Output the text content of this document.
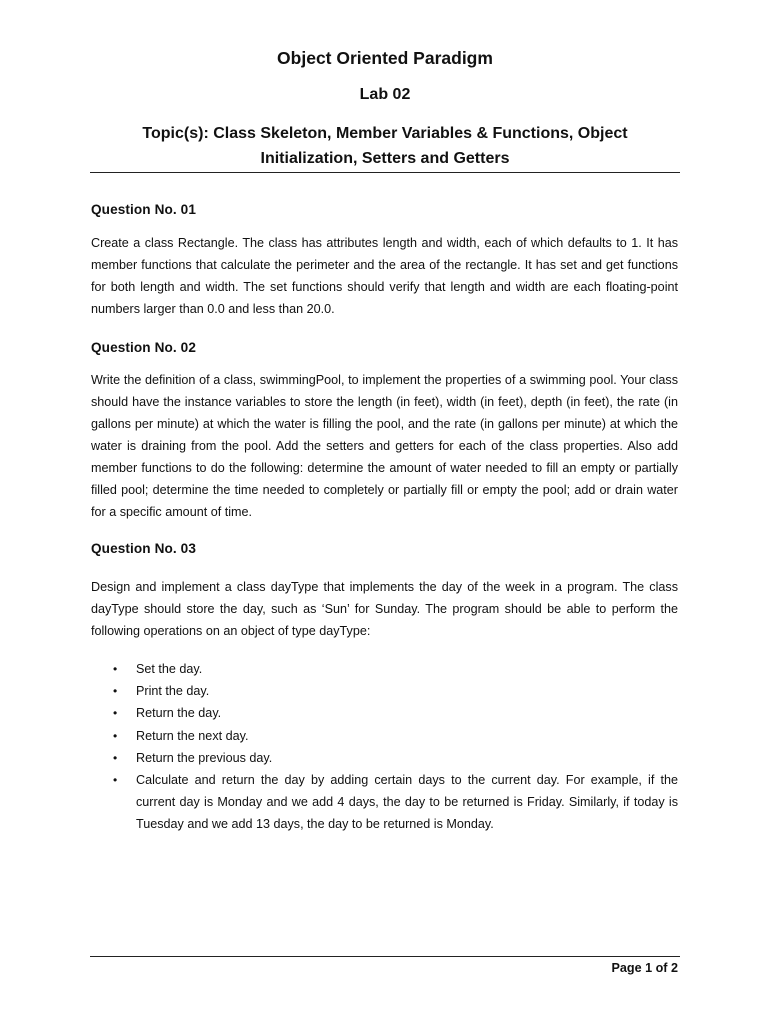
Object Oriented Paradigm
Lab 02
Topic(s): Class Skeleton, Member Variables & Functions, Object
Initialization, Setters and Getters
Question No. 01
Create a class Rectangle. The class has attributes length and width, each of which defaults to 1. It has member functions that calculate the perimeter and the area of the rectangle. It has set and get functions for both length and width. The set functions should verify that length and width are each floating-point numbers larger than 0.0 and less than 20.0.
Question No. 02
Write the definition of a class, swimmingPool, to implement the properties of a swimming pool. Your class should have the instance variables to store the length (in feet), width (in feet), depth (in feet), the rate (in gallons per minute) at which the water is filling the pool, and the rate (in gallons per minute) at which the water is draining from the pool. Add the setters and getters for each of the class properties. Also add member functions to do the following: determine the amount of water needed to fill an empty or partially filled pool; determine the time needed to completely or partially fill or empty the pool; add or drain water for a specific amount of time.
Question No. 03
Design and implement a class dayType that implements the day of the week in a program. The class dayType should store the day, such as ‘Sun’ for Sunday. The program should be able to perform the following operations on an object of type dayType:
• Set the day.
• Print the day.
• Return the day.
• Return the next day.
• Return the previous day.
• Calculate and return the day by adding certain days to the current day. For example, if the current day is Monday and we add 4 days, the day to be returned is Friday. Similarly, if today is Tuesday and we add 13 days, the day to be returned is Monday.
Page 1 of 2
